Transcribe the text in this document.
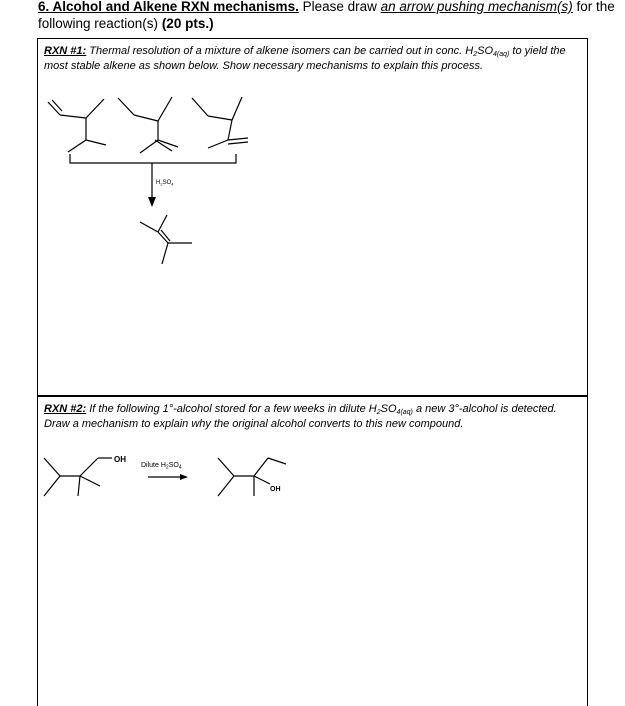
6. Alcohol and Alkene RXN mechanisms. Please draw an arrow pushing mechanism(s) for the following reaction(s) (20 pts.)
RXN #1: Thermal resolution of a mixture of alkene isomers can be carried out in conc. $H_2SO_{4(aq)}$ to yield the most stable alkene as shown below. Show necessary mechanisms to explain this process.
$H_2SO_4$
RXN #2: If the following 1°-alcohol stored for a few weeks in dilute $H_2SO_{4(aq)}$ a new 3°-alcohol is detected. Draw a mechanism to explain why the original alcohol converts to this new compound.
OH
OH
Dilute $H_2SO_4$
